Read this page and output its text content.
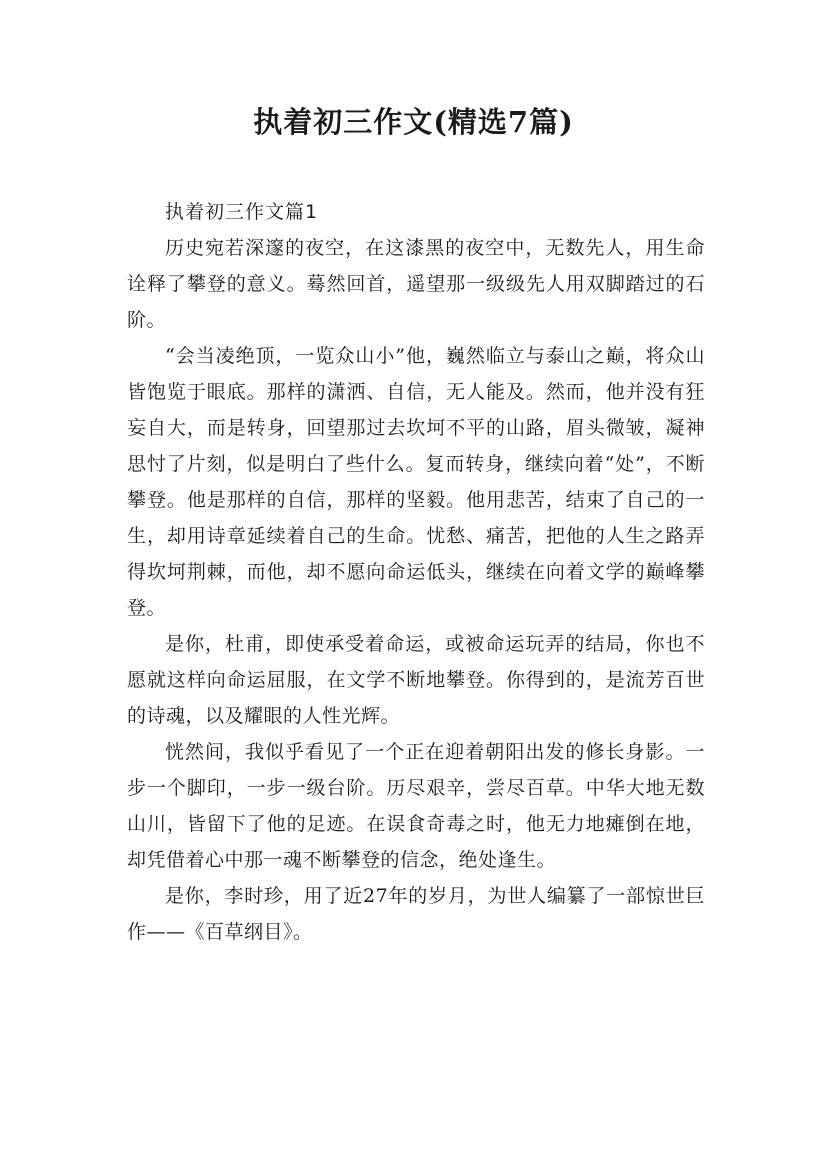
执着初三作文(精选7篇)

执着初三作文篇1

历史宛若深邃的夜空，在这漆黑的夜空中，无数先人，用生命诠释了攀登的意义。蓦然回首，遥望那一级级先人用双脚踏过的石阶。

“会当凌绝顶，一览众山小”他，巍然临立与泰山之巅，将众山皆饱览于眼底。那样的潇洒、自信，无人能及。然而，他并没有狂妄自大，而是转身，回望那过去坎坷不平的山路，眉头微皱，凝神思忖了片刻，似是明白了些什么。复而转身，继续向着“处”，不断攀登。他是那样的自信，那样的坚毅。他用悲苦，结束了自己的一生，却用诗章延续着自己的生命。忧愁、痛苦，把他的人生之路弄得坎坷荆棘，而他，却不愿向命运低头，继续在向着文学的巅峰攀登。

是你，杜甫，即使承受着命运，或被命运玩弄的结局，你也不愿就这样向命运屈服，在文学不断地攀登。你得到的，是流芳百世的诗魂，以及耀眼的人性光辉。

恍然间，我似乎看见了一个正在迎着朝阳出发的修长身影。一步一个脚印，一步一级台阶。历尽艰辛，尝尽百草。中华大地无数山川，皆留下了他的足迹。在误食奇毒之时，他无力地瘫倒在地，却凭借着心中那一魂不断攀登的信念，绝处逢生。

是你，李时珍，用了近27年的岁月，为世人编纂了一部惊世巨作——《百草纲目》。
